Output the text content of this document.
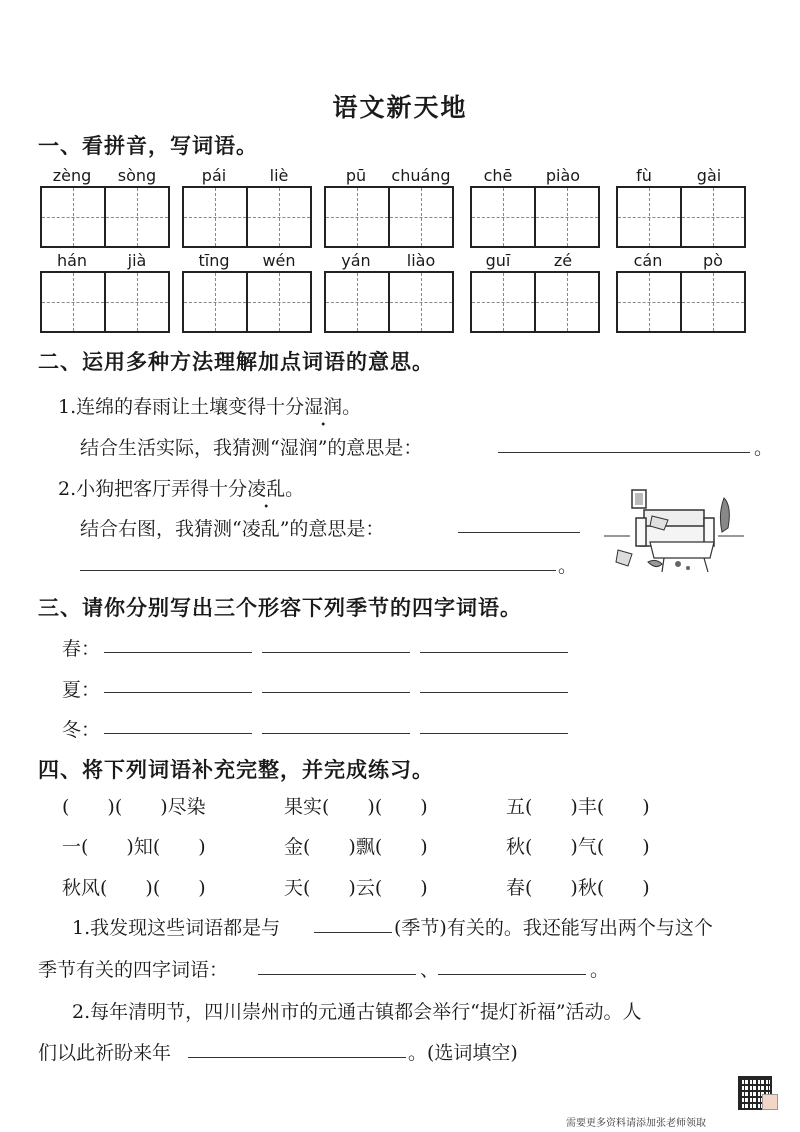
语文新天地
一、看拼音，写词语。
zèng	sòng	pái	liè	pū	chuáng	chē	piào	fù	gài
hán	jià	tīng	wén	yán	liào	guī	zé	cán	pò
二、运用多种方法理解加点词语的意思。
1.连绵的春雨让土壤变得十分湿润。
结合生活实际，我猜测“湿润”的意思是：	。
2.小狗把客厅弄得十分凌乱。
结合右图，我猜测“凌乱”的意思是：
。
三、请你分别写出三个形容下列季节的四字词语。
春：
夏：
冬：
四、将下列词语补充完整，并完成练习。
(　　)(　　)尽染	果实(　　)(　　)	五(　　)丰(　　)
一(　　)知(　　)	金(　　)飘(　　)	秋(　　)气(　　)
秋风(　　)(　　)	天(　　)云(　　)	春(　　)秋(　　)
1.我发现这些词语都是与	(季节)有关的。我还能写出两个与这个
季节有关的四字词语：	、	。
2.每年清明节，四川崇州市的元通古镇都会举行“提灯祈福”活动。人
们以此祈盼来年	。(选词填空)
需要更多资料请添加张老师领取
